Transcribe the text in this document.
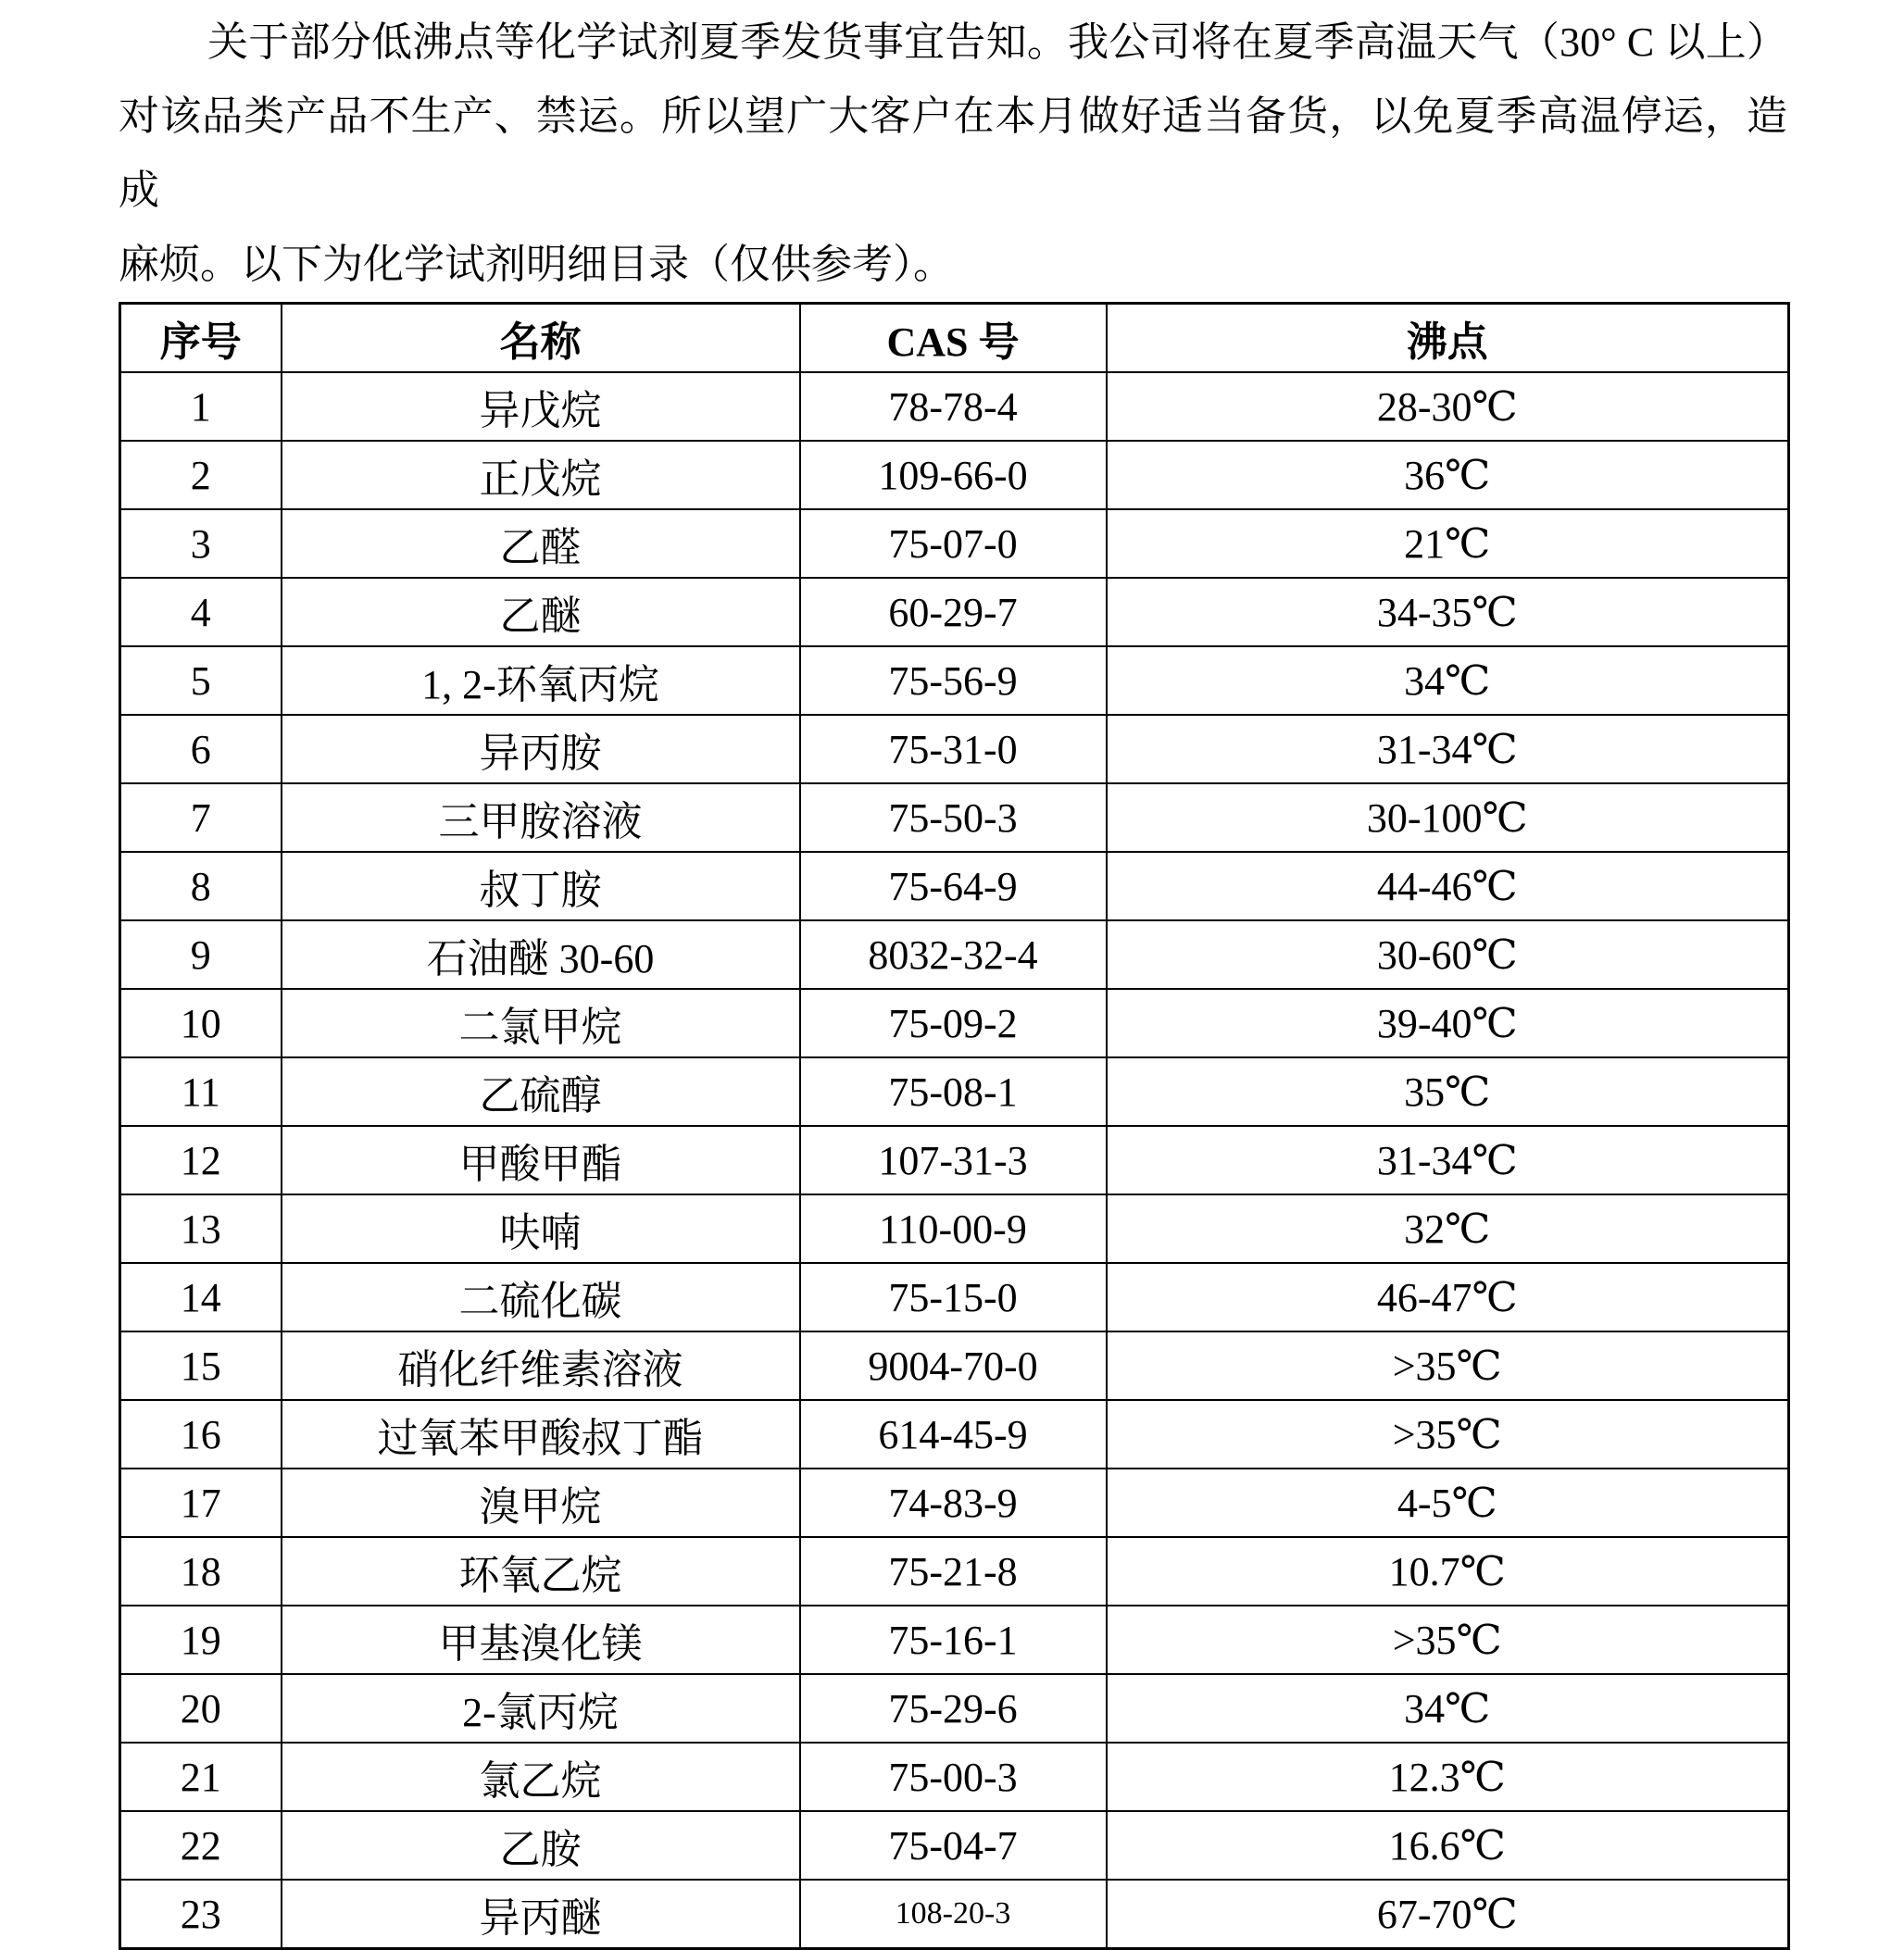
关于部分低沸点等化学试剂夏季发货事宜告知。我公司将在夏季高温天气（30° C 以上）
对该品类产品不生产、禁运。所以望广大客户在本月做好适当备货，以免夏季高温停运，造成
麻烦。以下为化学试剂明细目录（仅供参考）。
序号	名称	CAS 号	沸点
1	异戊烷	78-78-4	28-30℃
2	正戊烷	109-66-0	36℃
3	乙醛	75-07-0	21℃
4	乙醚	60-29-7	34-35℃
5	1, 2-环氧丙烷	75-56-9	34℃
6	异丙胺	75-31-0	31-34℃
7	三甲胺溶液	75-50-3	30-100℃
8	叔丁胺	75-64-9	44-46℃
9	石油醚 30-60	8032-32-4	30-60℃
10	二氯甲烷	75-09-2	39-40℃
11	乙硫醇	75-08-1	35℃
12	甲酸甲酯	107-31-3	31-34℃
13	呋喃	110-00-9	32℃
14	二硫化碳	75-15-0	46-47℃
15	硝化纤维素溶液	9004-70-0	>35℃
16	过氧苯甲酸叔丁酯	614-45-9	>35℃
17	溴甲烷	74-83-9	4-5℃
18	环氧乙烷	75-21-8	10.7℃
19	甲基溴化镁	75-16-1	>35℃
20	2-氯丙烷	75-29-6	34℃
21	氯乙烷	75-00-3	12.3℃
22	乙胺	75-04-7	16.6℃
23	异丙醚	108-20-3	67-70℃
